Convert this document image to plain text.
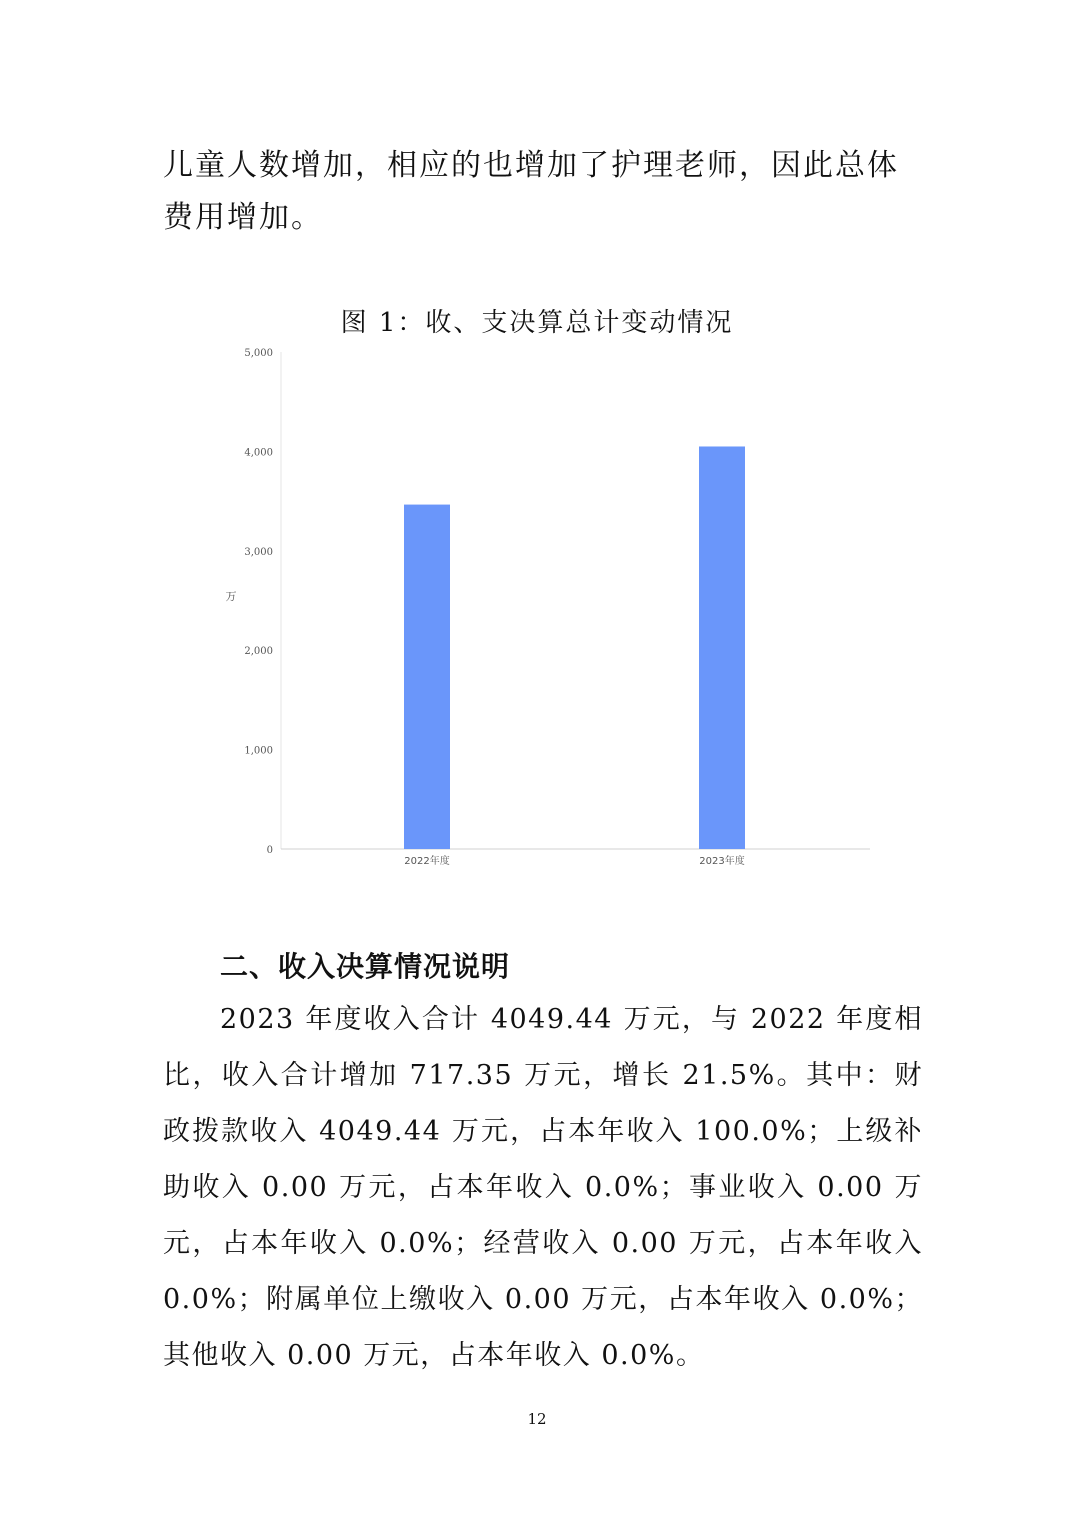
儿童人数增加，相应的也增加了护理老师，因此总体费用增加。

图 1：收、支决算总计变动情况

0
1,000
2,000
3,000
4,000
5,000
2022年度	2023年度
万

二、收入决算情况说明

2023 年度收入合计 4049.44 万元，与 2022 年度相比，收入合计增加 717.35 万元，增长 21.5%。其中：财政拨款收入 4049.44 万元，占本年收入 100.0%；上级补助收入 0.00 万元，占本年收入 0.0%；事业收入 0.00 万元，占本年收入 0.0%；经营收入 0.00 万元，占本年收入 0.0%；附属单位上缴收入 0.00 万元，占本年收入 0.0%；其他收入 0.00 万元，占本年收入 0.0%。

12
